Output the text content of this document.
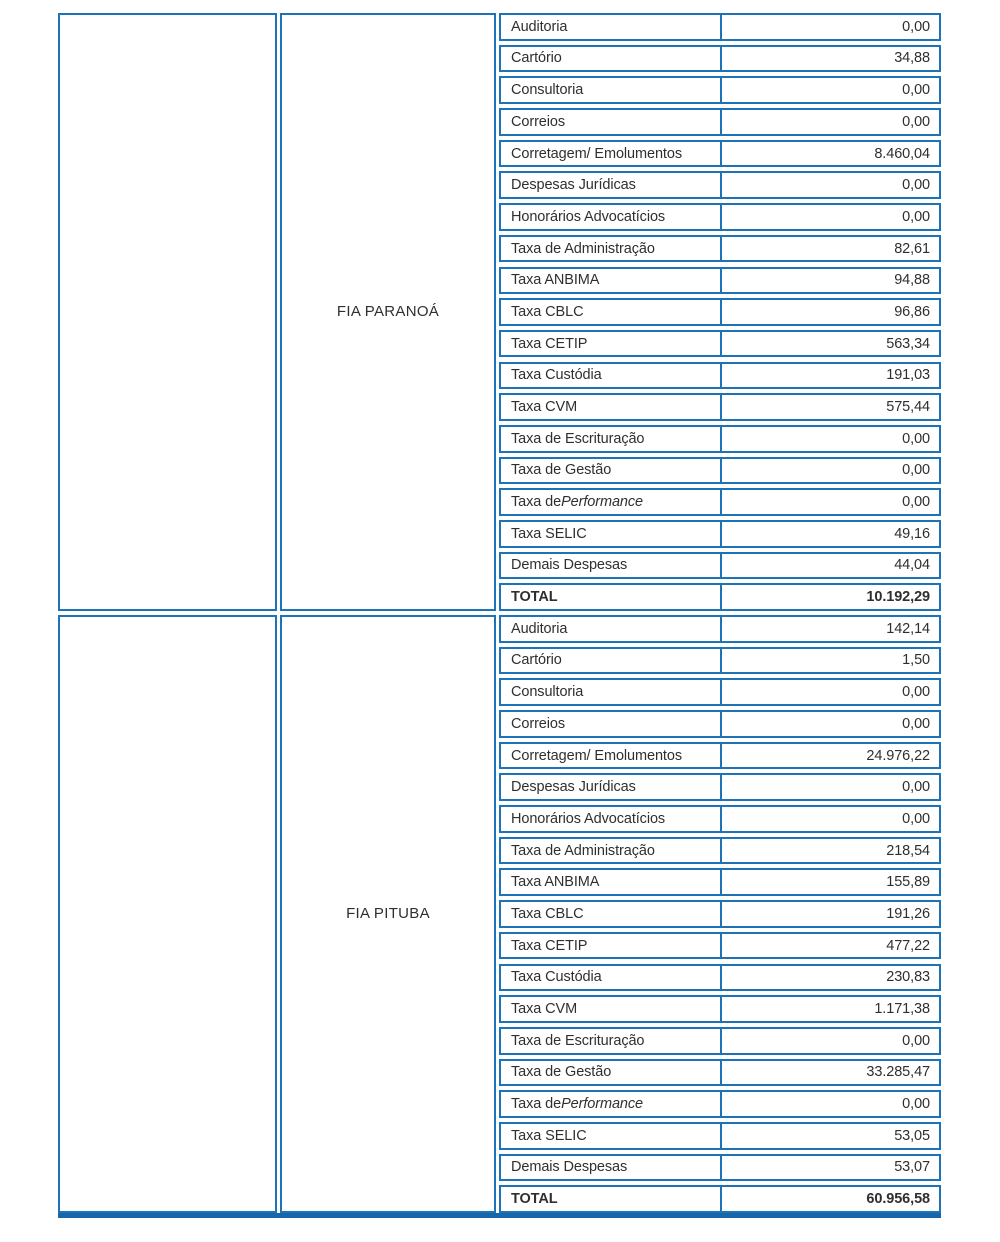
FIA PARANOÁ
Auditoria	0,00
Cartório	34,88
Consultoria	0,00
Correios	0,00
Corretagem/ Emolumentos	8.460,04
Despesas Jurídicas	0,00
Honorários Advocatícios	0,00
Taxa de Administração	82,61
Taxa ANBIMA	94,88
Taxa CBLC	96,86
Taxa CETIP	563,34
Taxa Custódia	191,03
Taxa CVM	575,44
Taxa de Escrituração	0,00
Taxa de Gestão	0,00
Taxa de Performance	0,00
Taxa SELIC	49,16
Demais Despesas	44,04
TOTAL	10.192,29
FIA PITUBA
Auditoria	142,14
Cartório	1,50
Consultoria	0,00
Correios	0,00
Corretagem/ Emolumentos	24.976,22
Despesas Jurídicas	0,00
Honorários Advocatícios	0,00
Taxa de Administração	218,54
Taxa ANBIMA	155,89
Taxa CBLC	191,26
Taxa CETIP	477,22
Taxa Custódia	230,83
Taxa CVM	1.171,38
Taxa de Escrituração	0,00
Taxa de Gestão	33.285,47
Taxa de Performance	0,00
Taxa SELIC	53,05
Demais Despesas	53,07
TOTAL	60.956,58
